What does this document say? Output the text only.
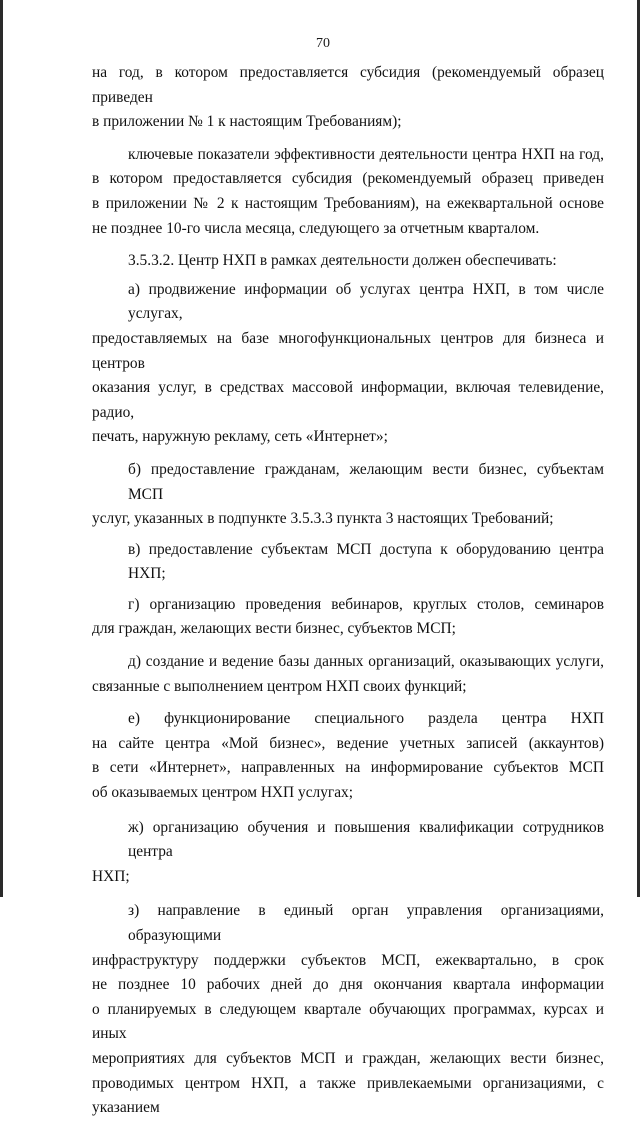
70
на год, в котором предоставляется субсидия (рекомендуемый образец приведен
в приложении № 1 к настоящим Требованиям);
ключевые показатели эффективности деятельности центра НХП на год,
в котором предоставляется субсидия (рекомендуемый образец приведен
в приложении № 2 к настоящим Требованиям), на ежеквартальной основе
не позднее 10-го числа месяца, следующего за отчетным кварталом.
3.5.3.2. Центр НХП в рамках деятельности должен обеспечивать:
а) продвижение информации об услугах центра НХП, в том числе услугах,
предоставляемых на базе многофункциональных центров для бизнеса и центров
оказания услуг, в средствах массовой информации, включая телевидение, радио,
печать, наружную рекламу, сеть «Интернет»;
б) предоставление гражданам, желающим вести бизнес, субъектам МСП
услуг, указанных в подпункте 3.5.3.3 пункта 3 настоящих Требований;
в) предоставление субъектам МСП доступа к оборудованию центра НХП;
г) организацию проведения вебинаров, круглых столов, семинаров
для граждан, желающих вести бизнес, субъектов МСП;
д) создание и ведение базы данных организаций, оказывающих услуги,
связанные с выполнением центром НХП своих функций;
е) функционирование специального раздела центра НХП
на сайте центра «Мой бизнес», ведение учетных записей (аккаунтов)
в сети «Интернет», направленных на информирование субъектов МСП
об оказываемых центром НХП услугах;
ж) организацию обучения и повышения квалификации сотрудников центра
НХП;
з) направление в единый орган управления организациями, образующими
инфраструктуру поддержки субъектов МСП, ежеквартально, в срок
не позднее 10 рабочих дней до дня окончания квартала информации
о планируемых в следующем квартале обучающих программах, курсах и иных
мероприятиях для субъектов МСП и граждан, желающих вести бизнес,
проводимых центром НХП, а также привлекаемыми организациями, с указанием
